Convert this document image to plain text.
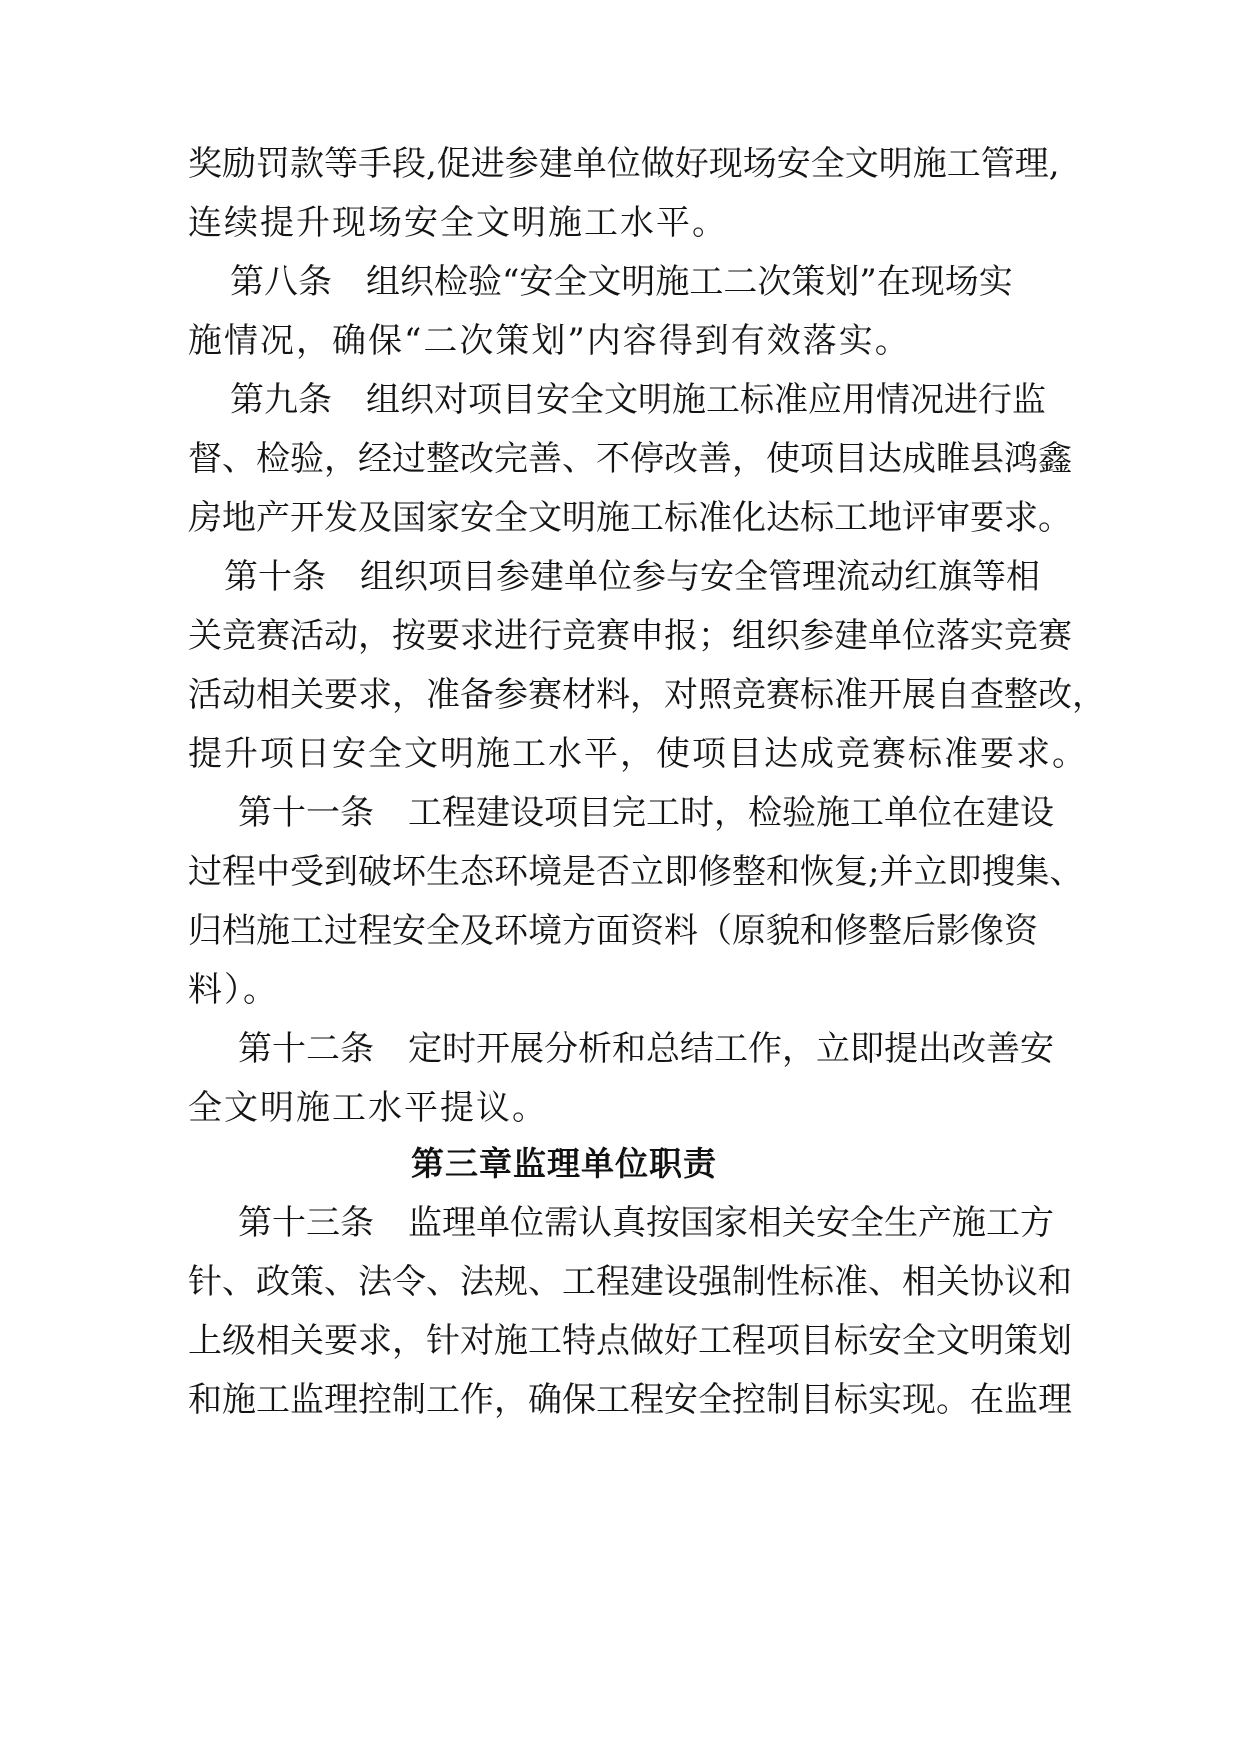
奖励罚款等手段,促进参建单位做好现场安全文明施工管理,
连续提升现场安全文明施工水平。
第八条　组织检验“安全文明施工二次策划”在现场实
施情况，确保“二次策划”内容得到有效落实。
第九条　组织对项目安全文明施工标准应用情况进行监
督、检验，经过整改完善、不停改善，使项目达成睢县鸿鑫
房地产开发及国家安全文明施工标准化达标工地评审要求。
第十条　组织项目参建单位参与安全管理流动红旗等相
关竞赛活动，按要求进行竞赛申报；组织参建单位落实竞赛
活动相关要求，准备参赛材料，对照竞赛标准开展自查整改，
提升项日安全文明施工水平，使项目达成竞赛标准要求。
第十一条　工程建设项目完工时，检验施工单位在建设
过程中受到破坏生态环境是否立即修整和恢复;并立即搜集、
归档施工过程安全及环境方面资料（原貌和修整后影像资
料）。
第十二条　定时开展分析和总结工作，立即提出改善安
全文明施工水平提议。
第三章监理单位职责
第十三条　监理单位需认真按国家相关安全生产施工方
针、政策、法令、法规、工程建设强制性标准、相关协议和
上级相关要求，针对施工特点做好工程项目标安全文明策划
和施工监理控制工作，确保工程安全控制目标实现。在监理
